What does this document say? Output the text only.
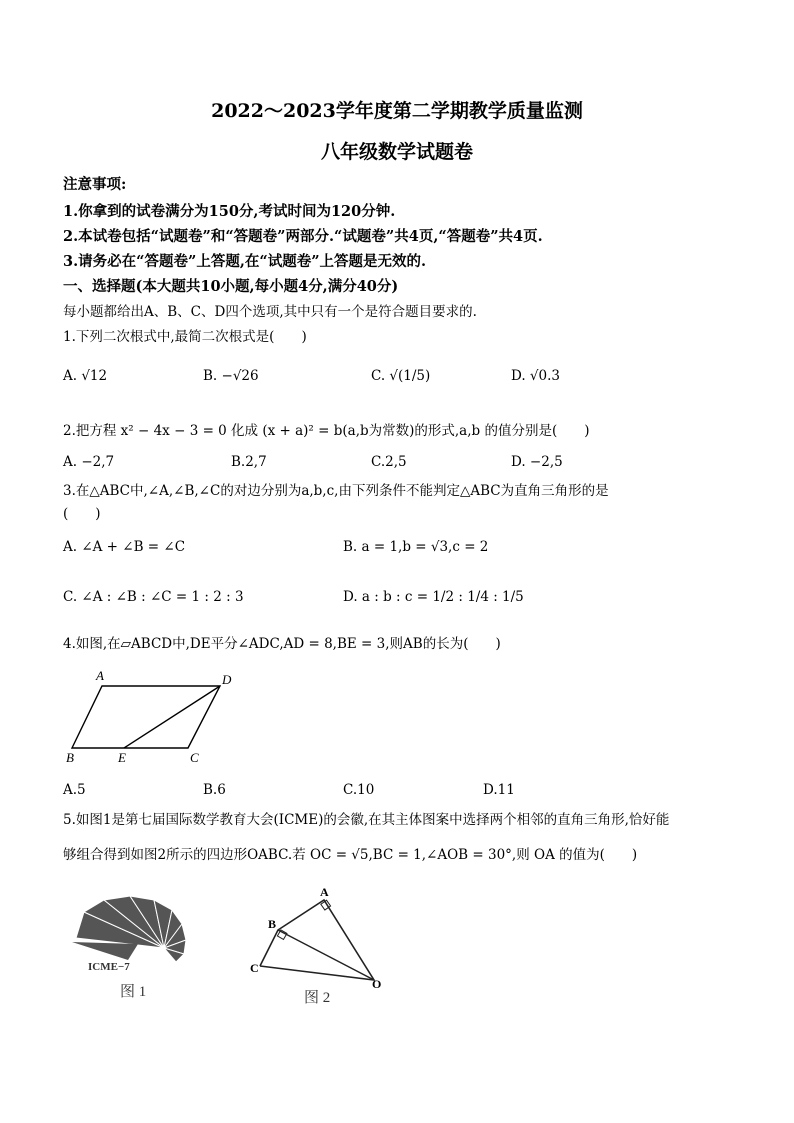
2022～2023学年度第二学期教学质量监测
八年级数学试题卷
注意事项:
1.你拿到的试卷满分为150分,考试时间为120分钟.
2.本试卷包括“试题卷”和“答题卷”两部分.“试题卷”共4页,“答题卷”共4页.
3.请务必在“答题卷”上答题,在“试题卷”上答题是无效的.
一、选择题(本大题共10小题,每小题4分,满分40分)
每小题都给出A、B、C、D四个选项,其中只有一个是符合题目要求的.
1.下列二次根式中,最简二次根式是(　　)
A. √12	B. −√26	C. √(1/5)	D. √0.3
2.把方程 x² − 4x − 3 = 0 化成 (x + a)² = b(a,b为常数)的形式,a,b 的值分别是(　　)
A. −2,7	B.2,7	C.2,5	D. −2,5
3.在△ABC中,∠A,∠B,∠C的对边分别为a,b,c,由下列条件不能判定△ABC为直角三角形的是
(　　)
A. ∠A + ∠B = ∠C	B. a = 1,b = √3,c = 2
C. ∠A : ∠B : ∠C = 1 : 2 : 3	D. a : b : c = 1/2 : 1/4 : 1/5
4.如图,在▱ABCD中,DE平分∠ADC,AD = 8,BE = 3,则AB的长为(　　)
A	D
B	E	C
A.5	B.6	C.10	D.11
5.如图1是第七届国际数学教育大会(ICME)的会徽,在其主体图案中选择两个相邻的直角三角形,恰好能
够组合得到如图2所示的四边形OABC.若 OC = √5,BC = 1,∠AOB = 30°,则 OA 的值为(　　)
ICME−7
图 1
A
B
C
O
图 2
